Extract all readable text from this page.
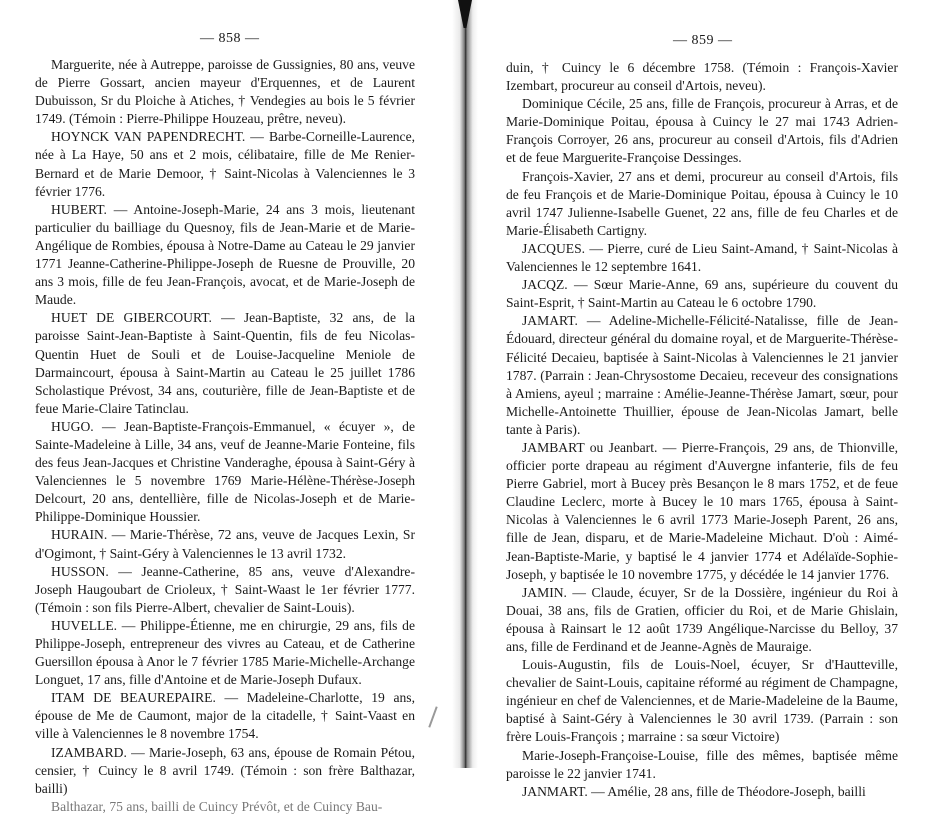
— 858 —

Marguerite, née à Autreppe, paroisse de Gussignies, 80 ans, veuve de Pierre Gossart, ancien mayeur d'Erquennes, et de Laurent Dubuisson, Sr du Ploiche à Atiches, † Vendegies au bois le 5 février 1749. (Témoin : Pierre-Philippe Houzeau, prêtre, neveu).

HOYNCK VAN PAPENDRECHT. — Barbe-Corneille-Laurence, née à La Haye, 50 ans et 2 mois, célibataire, fille de Me Renier-Bernard et de Marie Demoor, † Saint-Nicolas à Valenciennes le 3 février 1776.

HUBERT. — Antoine-Joseph-Marie, 24 ans 3 mois, lieutenant particulier du bailliage du Quesnoy, fils de Jean-Marie et de Marie-Angélique de Rombies, épousa à Notre-Dame au Cateau le 29 janvier 1771 Jeanne-Catherine-Philippe-Joseph de Ruesne de Prouville, 20 ans 3 mois, fille de feu Jean-François, avocat, et de Marie-Joseph de Maude.

HUET DE GIBERCOURT. — Jean-Baptiste, 32 ans, de la paroisse Saint-Jean-Baptiste à Saint-Quentin, fils de feu Nicolas-Quentin Huet de Souli et de Louise-Jacqueline Meniole de Darmaincourt, épousa à Saint-Martin au Cateau le 25 juillet 1786 Scholastique Prévost, 34 ans, couturière, fille de Jean-Baptiste et de feue Marie-Claire Tatinclau.

HUGO. — Jean-Baptiste-François-Emmanuel, « écuyer », de Sainte-Madeleine à Lille, 34 ans, veuf de Jeanne-Marie Fonteine, fils des feus Jean-Jacques et Christine Vanderaghe, épousa à Saint-Géry à Valenciennes le 5 novembre 1769 Marie-Hélène-Thérèse-Joseph Delcourt, 20 ans, dentellière, fille de Nicolas-Joseph et de Marie-Philippe-Dominique Houssier.

HURAIN. — Marie-Thérèse, 72 ans, veuve de Jacques Lexin, Sr d'Ogimont, † Saint-Géry à Valenciennes le 13 avril 1732.

HUSSON. — Jeanne-Catherine, 85 ans, veuve d'Alexandre-Joseph Haugoubart de Crioleux, † Saint-Waast le 1er février 1777. (Témoin : son fils Pierre-Albert, chevalier de Saint-Louis).

HUVELLE. — Philippe-Étienne, me en chirurgie, 29 ans, fils de Philippe-Joseph, entrepreneur des vivres au Cateau, et de Catherine Guersillon épousa à Anor le 7 février 1785 Marie-Michelle-Archange Longuet, 17 ans, fille d'Antoine et de Marie-Joseph Dufaux.

ITAM DE BEAUREPAIRE. — Madeleine-Charlotte, 19 ans, épouse de Me de Caumont, major de la citadelle, † Saint-Vaast en ville à Valenciennes le 8 novembre 1754.

IZAMBARD. — Marie-Joseph, 63 ans, épouse de Romain Pétou, censier, † Cuincy le 8 avril 1749. (Témoin : son frère Balthazar, bailli)

Balthazar, 75 ans, bailli de Cuincy Prévôt, et de Cuincy Bau-

— 859 —

duin, † Cuincy le 6 décembre 1758. (Témoin : François-Xavier Izembart, procureur au conseil d'Artois, neveu).

Dominique Cécile, 25 ans, fille de François, procureur à Arras, et de Marie-Dominique Poitau, épousa à Cuincy le 27 mai 1743 Adrien-François Corroyer, 26 ans, procureur au conseil d'Artois, fils d'Adrien et de feue Marguerite-Françoise Dessinges.

François-Xavier, 27 ans et demi, procureur au conseil d'Artois, fils de feu François et de Marie-Dominique Poitau, épousa à Cuincy le 10 avril 1747 Julienne-Isabelle Guenet, 22 ans, fille de feu Charles et de Marie-Élisabeth Cartigny.

JACQUES. — Pierre, curé de Lieu Saint-Amand, † Saint-Nicolas à Valenciennes le 12 septembre 1641.

JACQZ. — Sœur Marie-Anne, 69 ans, supérieure du couvent du Saint-Esprit, † Saint-Martin au Cateau le 6 octobre 1790.

JAMART. — Adeline-Michelle-Félicité-Natalisse, fille de Jean-Édouard, directeur général du domaine royal, et de Marguerite-Thérèse-Félicité Decaieu, baptisée à Saint-Nicolas à Valenciennes le 21 janvier 1787. (Parrain : Jean-Chrysostome Decaieu, receveur des consignations à Amiens, ayeul ; marraine : Amélie-Jeanne-Thérèse Jamart, sœur, pour Michelle-Antoinette Thuillier, épouse de Jean-Nicolas Jamart, belle tante à Paris).

JAMBART ou Jeanbart. — Pierre-François, 29 ans, de Thionville, officier porte drapeau au régiment d'Auvergne infanterie, fils de feu Pierre Gabriel, mort à Bucey près Besançon le 8 mars 1752, et de feue Claudine Leclerc, morte à Bucey le 10 mars 1765, épousa à Saint-Nicolas à Valenciennes le 6 avril 1773 Marie-Joseph Parent, 26 ans, fille de Jean, disparu, et de Marie-Madeleine Michaut. D'où : Aimé-Jean-Baptiste-Marie, y baptisé le 4 janvier 1774 et Adélaïde-Sophie-Joseph, y baptisée le 10 novembre 1775, y décédée le 14 janvier 1776.

JAMIN. — Claude, écuyer, Sr de la Dossière, ingénieur du Roi à Douai, 38 ans, fils de Gratien, officier du Roi, et de Marie Ghislain, épousa à Rainsart le 12 août 1739 Angélique-Narcisse du Belloy, 37 ans, fille de Ferdinand et de Jeanne-Agnès de Mauraige.

Louis-Augustin, fils de Louis-Noel, écuyer, Sr d'Hautteville, chevalier de Saint-Louis, capitaine réformé au régiment de Champagne, ingénieur en chef de Valenciennes, et de Marie-Madeleine de la Baume, baptisé à Saint-Géry à Valenciennes le 30 avril 1739. (Parrain : son frère Louis-François ; marraine : sa sœur Victoire)

Marie-Joseph-Françoise-Louise, fille des mêmes, baptisée même paroisse le 22 janvier 1741.

JANMART. — Amélie, 28 ans, fille de Théodore-Joseph, bailli
